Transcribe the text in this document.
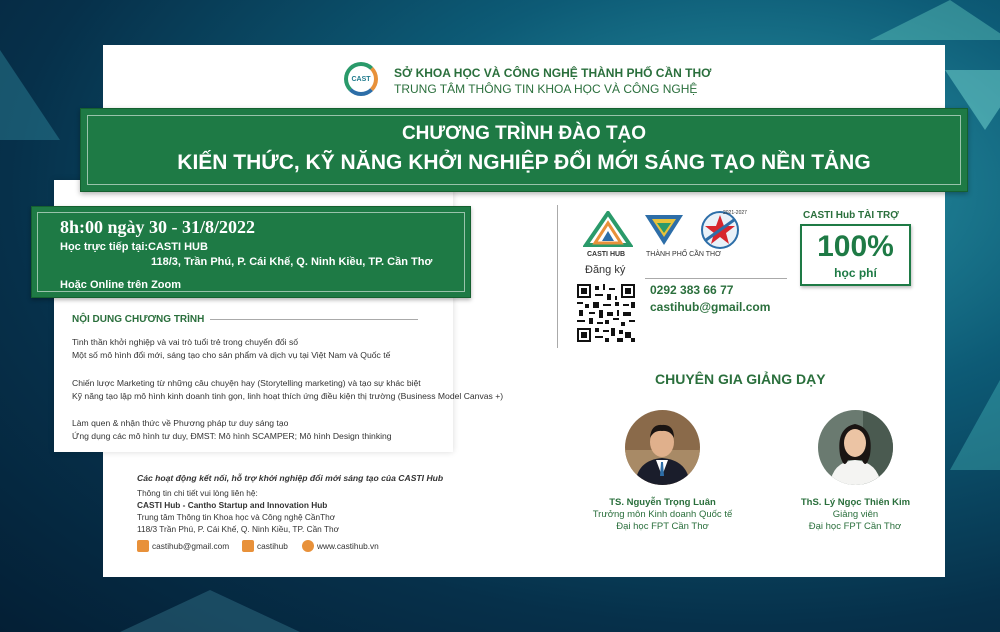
CAST SỞ KHOA HỌC VÀ CÔNG NGHỆ THÀNH PHỐ CẦN THƠ
TRUNG TÂM THÔNG TIN KHOA HỌC VÀ CÔNG NGHỆ
CHƯƠNG TRÌNH ĐÀO TẠO
KIẾN THỨC, KỸ NĂNG KHỞI NGHIỆP ĐỔI MỚI SÁNG TẠO NỀN TẢNG
8h:00 ngày 30 - 31/8/2022
Học trực tiếp tại:CASTI HUB
118/3, Trần Phú, P. Cái Khế, Q. Ninh Kiều, TP. Cần Thơ
Hoặc Online trên Zoom
NỘI DUNG CHƯƠNG TRÌNH
Tinh thần khởi nghiệp và vai trò tuổi trẻ trong chuyển đổi số
Một số mô hình đổi mới, sáng tạo cho sản phẩm và dịch vụ tại Việt Nam và Quốc tế
Chiến lược Marketing từ những câu chuyện hay (Storytelling marketing) và tạo sự khác biệt
Kỹ năng tạo lập mô hình kinh doanh tinh gọn, linh hoạt thích ứng điều kiện thị trường (Business Model Canvas +)
Làm quen & nhận thức về Phương pháp tư duy sáng tạo
Ứng dụng các mô hình tư duy, ĐMST: Mô hình SCAMPER; Mô hình Design thinking
Các hoạt động kết nối, hỗ trợ khởi nghiệp đổi mới sáng tạo của CASTI Hub
Thông tin chi tiết vui lòng liên hệ:
CASTI Hub - Cantho Startup and Innovation Hub
Trung tâm Thông tin Khoa học và Công nghệ CầnThơ
118/3 Trần Phú, P. Cái Khế, Q. Ninh Kiều, TP. Cần Thơ
castihub@gmail.com	castihub	www.castihub.vn
CASTI HUB	THÀNH PHỐ CẦN THƠ
2021-2027
Đăng ký
0292 383 66 77
castihub@gmail.com
CASTI Hub TÀI TRỢ
100%
học phí
CHUYÊN GIA GIẢNG DẠY
TS. Nguyễn Trọng Luân
Trưởng môn Kinh doanh Quốc tế
Đại học FPT Cần Thơ
ThS. Lý Ngọc Thiên Kim
Giảng viên
Đại học FPT Cần Thơ
